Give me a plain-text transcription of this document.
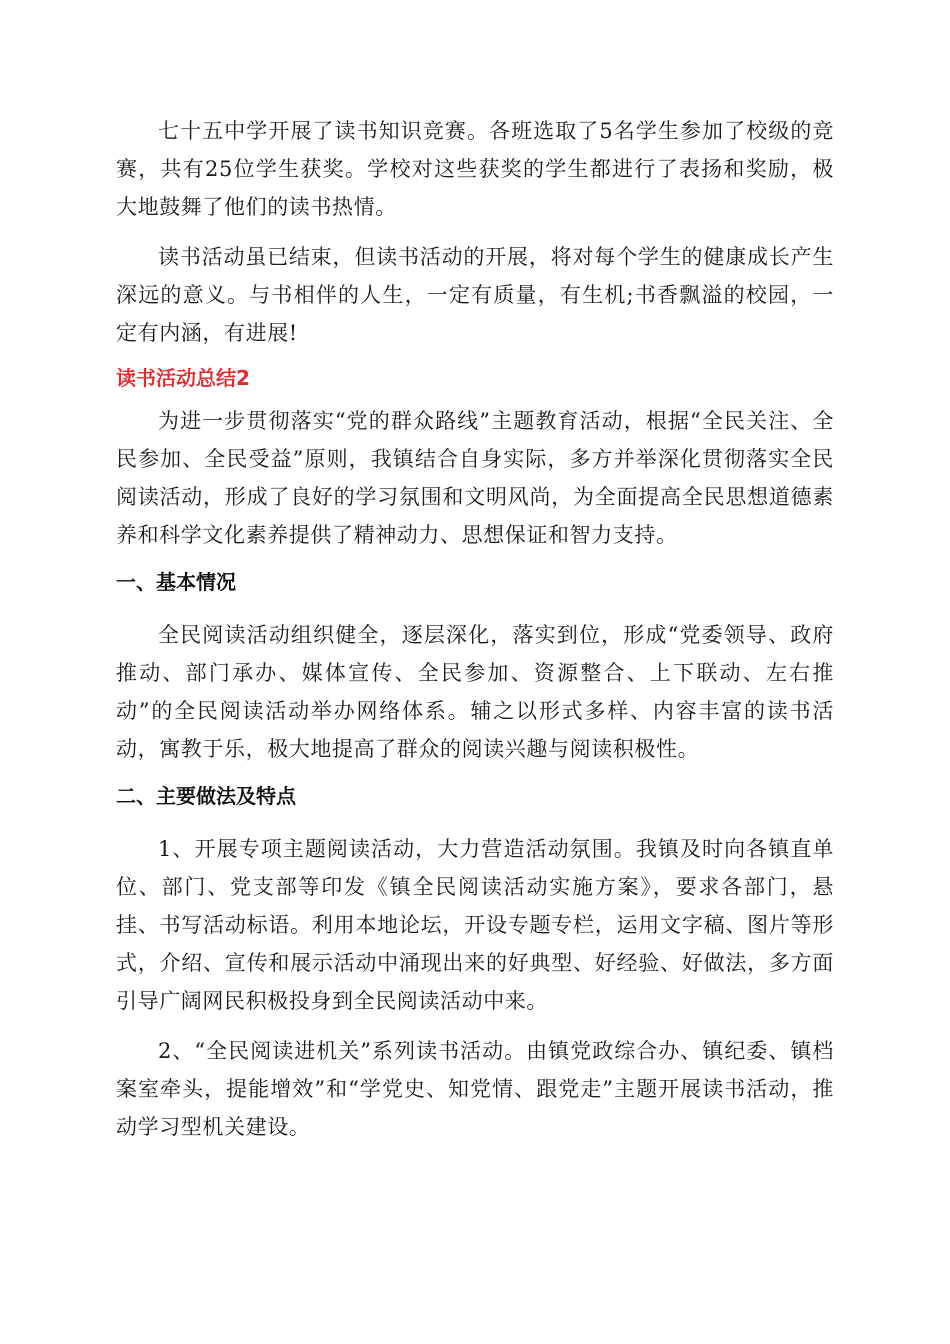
七十五中学开展了读书知识竞赛。各班选取了5名学生参加了校级的竞赛，共有25位学生获奖。学校对这些获奖的学生都进行了表扬和奖励，极大地鼓舞了他们的读书热情。

读书活动虽已结束，但读书活动的开展，将对每个学生的健康成长产生深远的意义。与书相伴的人生，一定有质量，有生机;书香飘溢的校园，一定有内涵，有进展!

读书活动总结2

为进一步贯彻落实“党的群众路线”主题教育活动，根据“全民关注、全民参加、全民受益”原则，我镇结合自身实际，多方并举深化贯彻落实全民阅读活动，形成了良好的学习氛围和文明风尚，为全面提高全民思想道德素养和科学文化素养提供了精神动力、思想保证和智力支持。

一、基本情况

全民阅读活动组织健全，逐层深化，落实到位，形成“党委领导、政府推动、部门承办、媒体宣传、全民参加、资源整合、上下联动、左右推动”的全民阅读活动举办网络体系。辅之以形式多样、内容丰富的读书活动，寓教于乐，极大地提高了群众的阅读兴趣与阅读积极性。

二、主要做法及特点

1、开展专项主题阅读活动，大力营造活动氛围。我镇及时向各镇直单位、部门、党支部等印发《镇全民阅读活动实施方案》，要求各部门，悬挂、书写活动标语。利用本地论坛，开设专题专栏，运用文字稿、图片等形式，介绍、宣传和展示活动中涌现出来的好典型、好经验、好做法，多方面引导广阔网民积极投身到全民阅读活动中来。

2、“全民阅读进机关”系列读书活动。由镇党政综合办、镇纪委、镇档案室牵头，提能增效”和“学党史、知党情、跟党走”主题开展读书活动，推动学习型机关建设。
